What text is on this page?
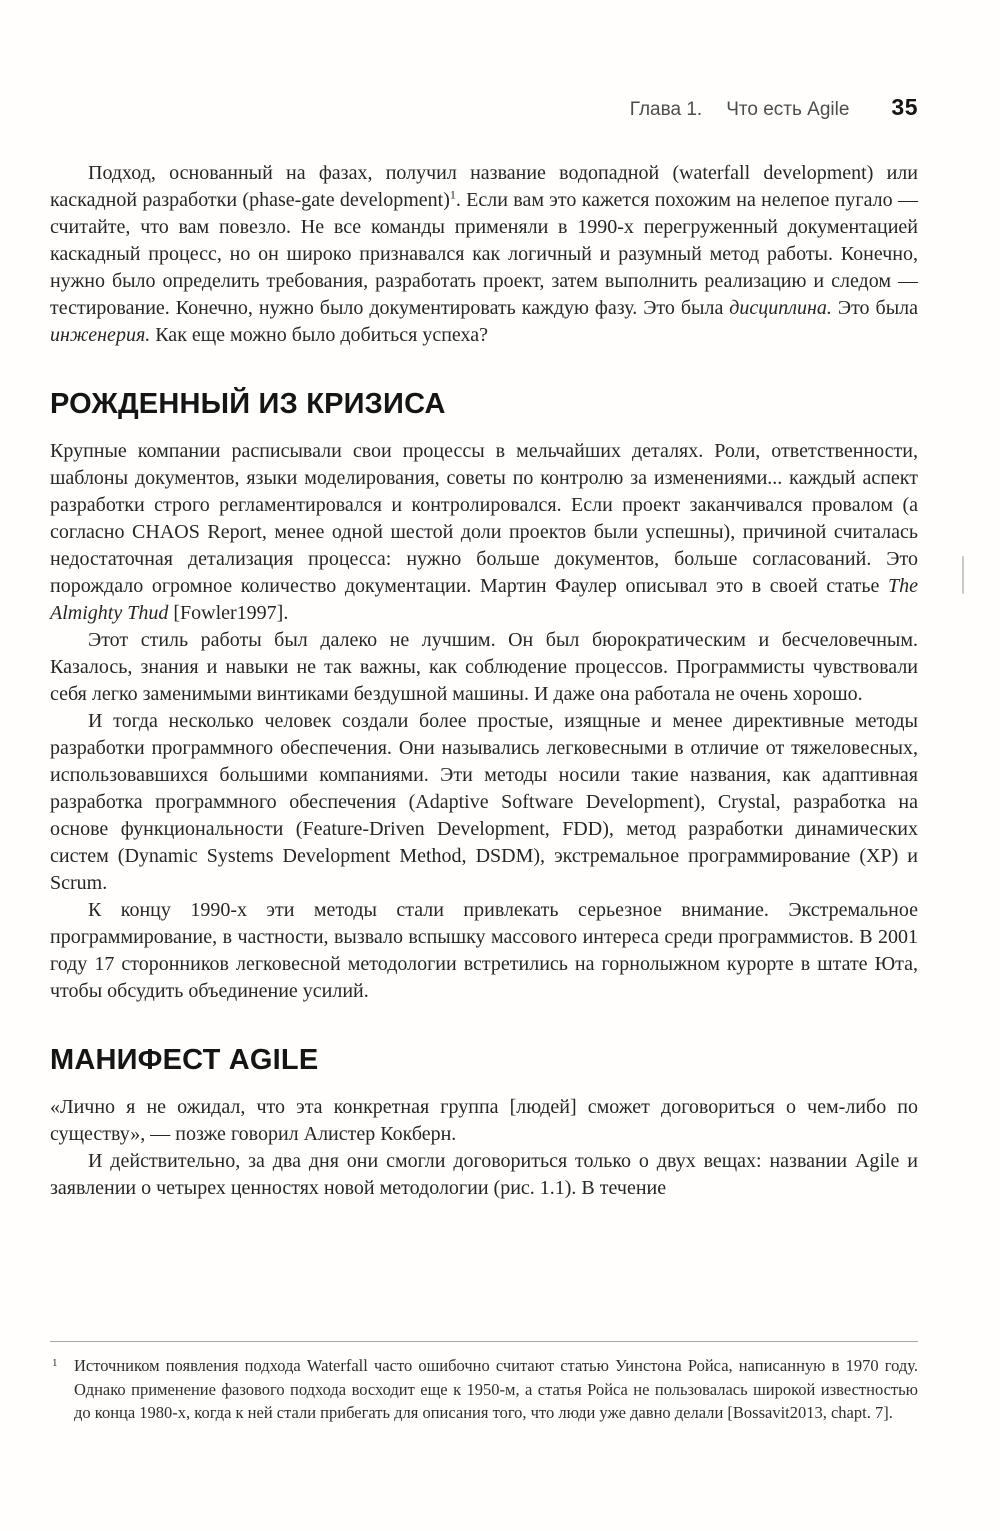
Глава 1. Что есть Agile 35

Подход, основанный на фазах, получил название водопадной (waterfall development) или каскадной разработки (phase-gate development)$^1$. Если вам это кажется похожим на нелепое пугало — считайте, что вам повезло. Не все команды применяли в 1990-х перегруженный документацией каскадный процесс, но он широко признавался как логичный и разумный метод работы. Конечно, нужно было определить требования, разработать проект, затем выполнить реализацию и следом — тестирование. Конечно, нужно было документировать каждую фазу. Это была дисциплина. Это была инженерия. Как еще можно было добиться успеха?

РОЖДЕННЫЙ ИЗ КРИЗИСА

Крупные компании расписывали свои процессы в мельчайших деталях. Роли, ответственности, шаблоны документов, языки моделирования, советы по контролю за изменениями... каждый аспект разработки строго регламентировался и контролировался. Если проект заканчивался провалом (а согласно CHAOS Report, менее одной шестой доли проектов были успешны), причиной считалась недостаточная детализация процесса: нужно больше документов, больше согласований. Это порождало огромное количество документации. Мартин Фаулер описывал это в своей статье The Almighty Thud [Fowler1997].

Этот стиль работы был далеко не лучшим. Он был бюрократическим и бесчеловечным. Казалось, знания и навыки не так важны, как соблюдение процессов. Программисты чувствовали себя легко заменимыми винтиками бездушной машины. И даже она работала не очень хорошо.

И тогда несколько человек создали более простые, изящные и менее директивные методы разработки программного обеспечения. Они назывались легковесными в отличие от тяжеловесных, использовавшихся большими компаниями. Эти методы носили такие названия, как адаптивная разработка программного обеспечения (Adaptive Software Development), Crystal, разработка на основе функциональности (Feature-Driven Development, FDD), метод разработки динамических систем (Dynamic Systems Development Method, DSDM), экстремальное программирование (XP) и Scrum.

К концу 1990-х эти методы стали привлекать серьезное внимание. Экстремальное программирование, в частности, вызвало вспышку массового интереса среди программистов. В 2001 году 17 сторонников легковесной методологии встретились на горнолыжном курорте в штате Юта, чтобы обсудить объединение усилий.

МАНИФЕСТ AGILE

«Лично я не ожидал, что эта конкретная группа [людей] сможет договориться о чем-либо по существу», — позже говорил Алистер Кокберн.

И действительно, за два дня они смогли договориться только о двух вещах: названии Agile и заявлении о четырех ценностях новой методологии (рис. 1.1). В течение

1 Источником появления подхода Waterfall часто ошибочно считают статью Уинстона Ройса, написанную в 1970 году. Однако применение фазового подхода восходит еще к 1950-м, а статья Ройса не пользовалась широкой известностью до конца 1980-х, когда к ней стали прибегать для описания того, что люди уже давно делали [Bossavit2013, chapt. 7].
